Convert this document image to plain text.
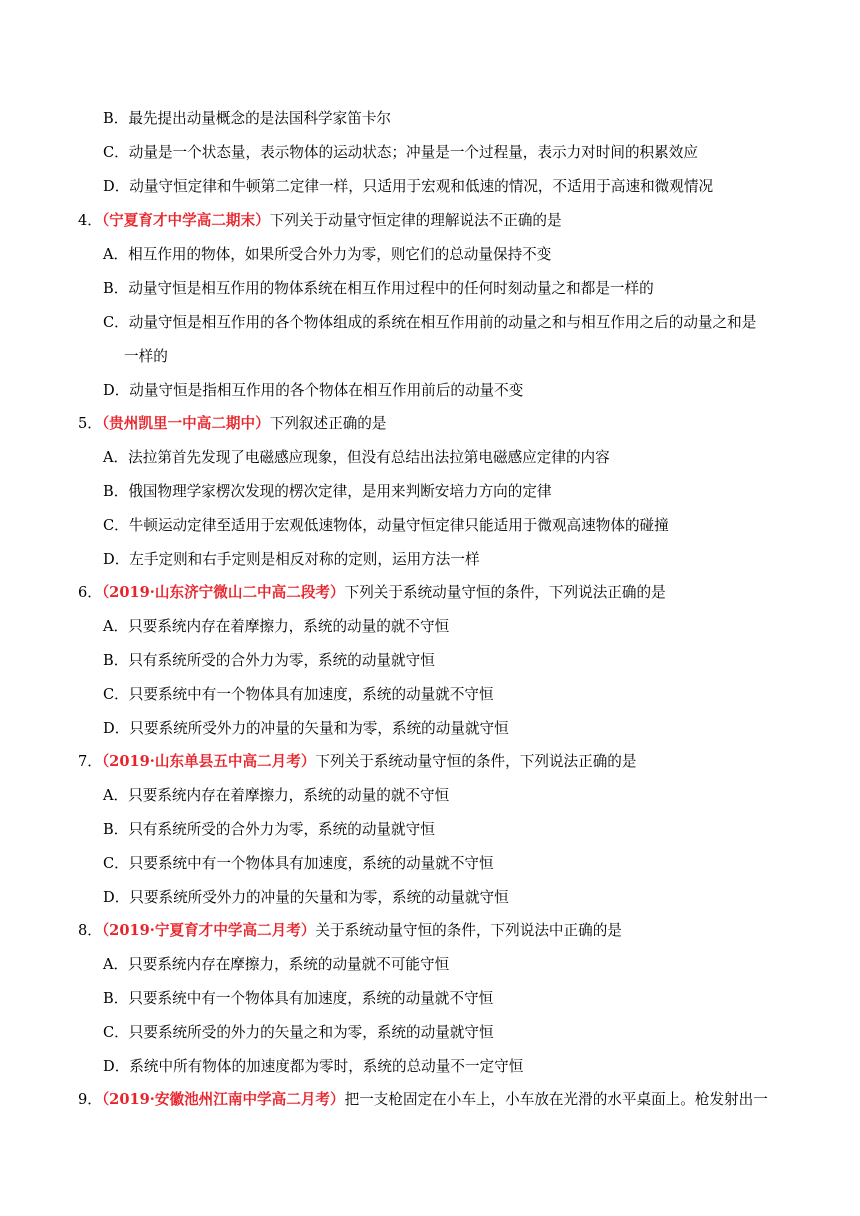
B．最先提出动量概念的是法国科学家笛卡尔
C．动量是一个状态量，表示物体的运动状态；冲量是一个过程量，表示力对时间的积累效应
D．动量守恒定律和牛顿第二定律一样，只适用于宏观和低速的情况，不适用于高速和微观情况
4．（宁夏育才中学高二期末）下列关于动量守恒定律的理解说法不正确的是
A．相互作用的物体，如果所受合外力为零，则它们的总动量保持不变
B．动量守恒是相互作用的物体系统在相互作用过程中的任何时刻动量之和都是一样的
C．动量守恒是相互作用的各个物体组成的系统在相互作用前的动量之和与相互作用之后的动量之和是
一样的
D．动量守恒是指相互作用的各个物体在相互作用前后的动量不变
5．（贵州凯里一中高二期中）下列叙述正确的是
A．法拉第首先发现了电磁感应现象，但没有总结出法拉第电磁感应定律的内容
B．俄国物理学家楞次发现的楞次定律，是用来判断安培力方向的定律
C．牛顿运动定律至适用于宏观低速物体，动量守恒定律只能适用于微观高速物体的碰撞
D．左手定则和右手定则是相反对称的定则，运用方法一样
6．（2019·山东济宁微山二中高二段考）下列关于系统动量守恒的条件，下列说法正确的是
A．只要系统内存在着摩擦力，系统的动量的就不守恒
B．只有系统所受的合外力为零，系统的动量就守恒
C．只要系统中有一个物体具有加速度，系统的动量就不守恒
D．只要系统所受外力的冲量的矢量和为零，系统的动量就守恒
7．（2019·山东单县五中高二月考）下列关于系统动量守恒的条件，下列说法正确的是
A．只要系统内存在着摩擦力，系统的动量的就不守恒
B．只有系统所受的合外力为零，系统的动量就守恒
C．只要系统中有一个物体具有加速度，系统的动量就不守恒
D．只要系统所受外力的冲量的矢量和为零，系统的动量就守恒
8．（2019·宁夏育才中学高二月考）关于系统动量守恒的条件，下列说法中正确的是
A．只要系统内存在摩擦力，系统的动量就不可能守恒
B．只要系统中有一个物体具有加速度，系统的动量就不守恒
C．只要系统所受的外力的矢量之和为零，系统的动量就守恒
D．系统中所有物体的加速度都为零时，系统的总动量不一定守恒
9．（2019·安徽池州江南中学高二月考）把一支枪固定在小车上，小车放在光滑的水平桌面上。枪发射出一
